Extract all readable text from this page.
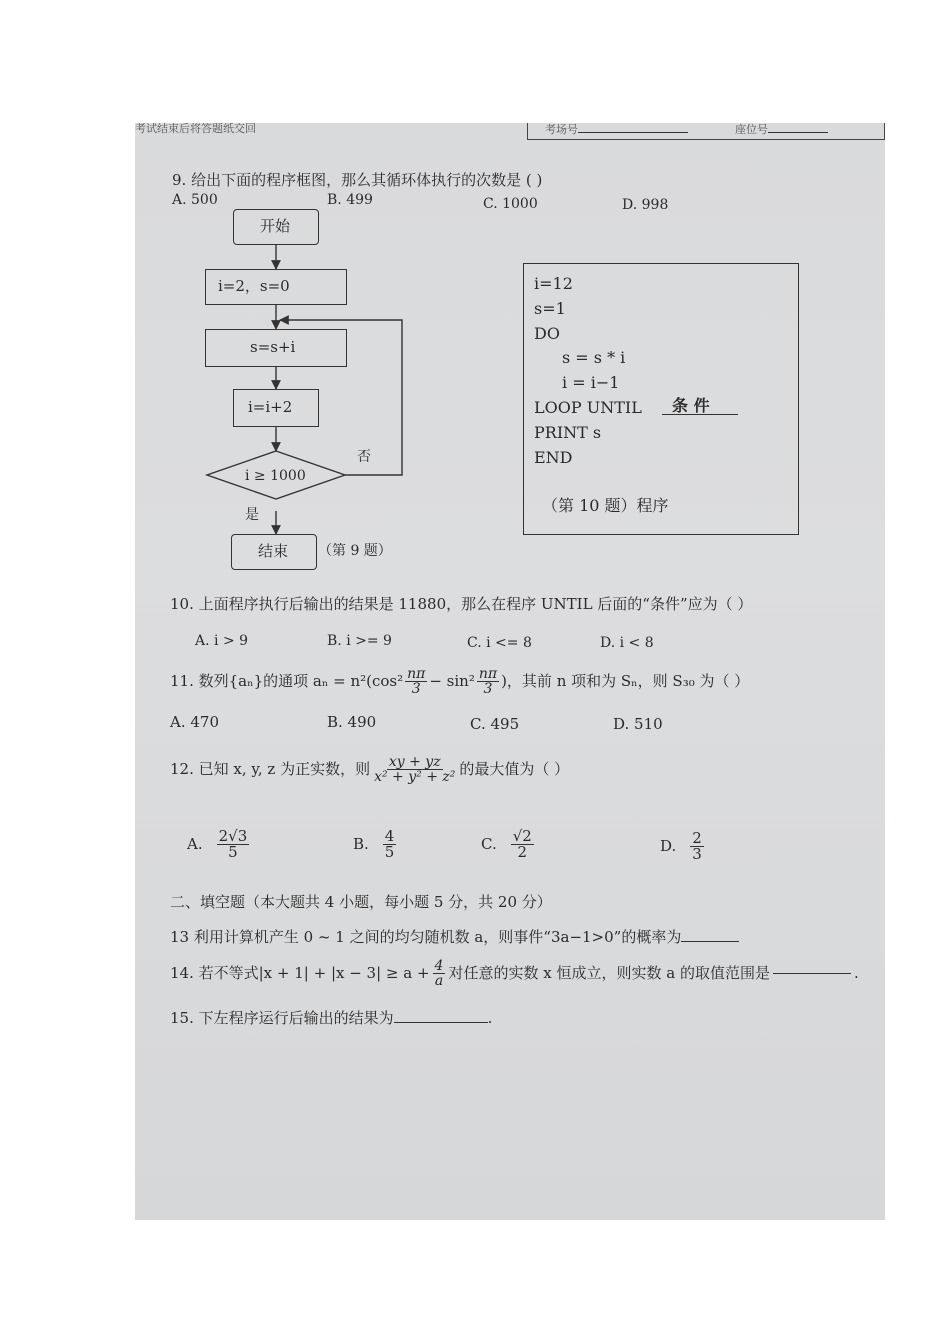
考试结束后将答题纸交回	考场号	座位号
9. 给出下面的程序框图，那么其循环体执行的次数是 ( )
A. 500	B. 499	C. 1000	D. 998
开始
i=2，s=0
s=s+i
i=i+2
i ≥ 1000
否
是
结束 （第 9 题）
i=12
s=1
DO
s = s * i
i = i−1
LOOP UNTIL	条 件
PRINT s
END
（第 10 题）程序
10. 上面程序执行后输出的结果是 11880，那么在程序 UNTIL 后面的“条件”应为（ ）
A. i > 9	B. i >= 9	C. i <= 8	D. i < 8
11. 数列{aₙ}的通项 $a_n = n^2(\cos^2 \frac{n\pi}{3} - \sin^2 \frac{n\pi}{3}$ )，其前 n 项和为 Sₙ，则 S₃₀ 为（ ）
A. 470	B. 490	C. 495	D. 510
12. 已知 x, y, z 为正实数，则 $\frac{xy + yz}{\text{x² + y² + z²}}$ 的最大值为（ ）
A. $\frac{2√3}{5}$	B. $\frac{4}{5}$	C. $\frac{√2}{2}$	D. $\frac{2}{3}$
二、填空题（本大题共 4 小题，每小题 5 分，共 20 分）
13 利用计算机产生 0 ~ 1 之间的均匀随机数 a，则事件“3a−1>0”的概率为
14. 若不等式$|x + 1| + |x - 3| \ge a + \frac{4}{a}$ 对任意的实数 x 恒成立，则实数 a 的取值范围是	.
15. 下左程序运行后输出的结果为	.
